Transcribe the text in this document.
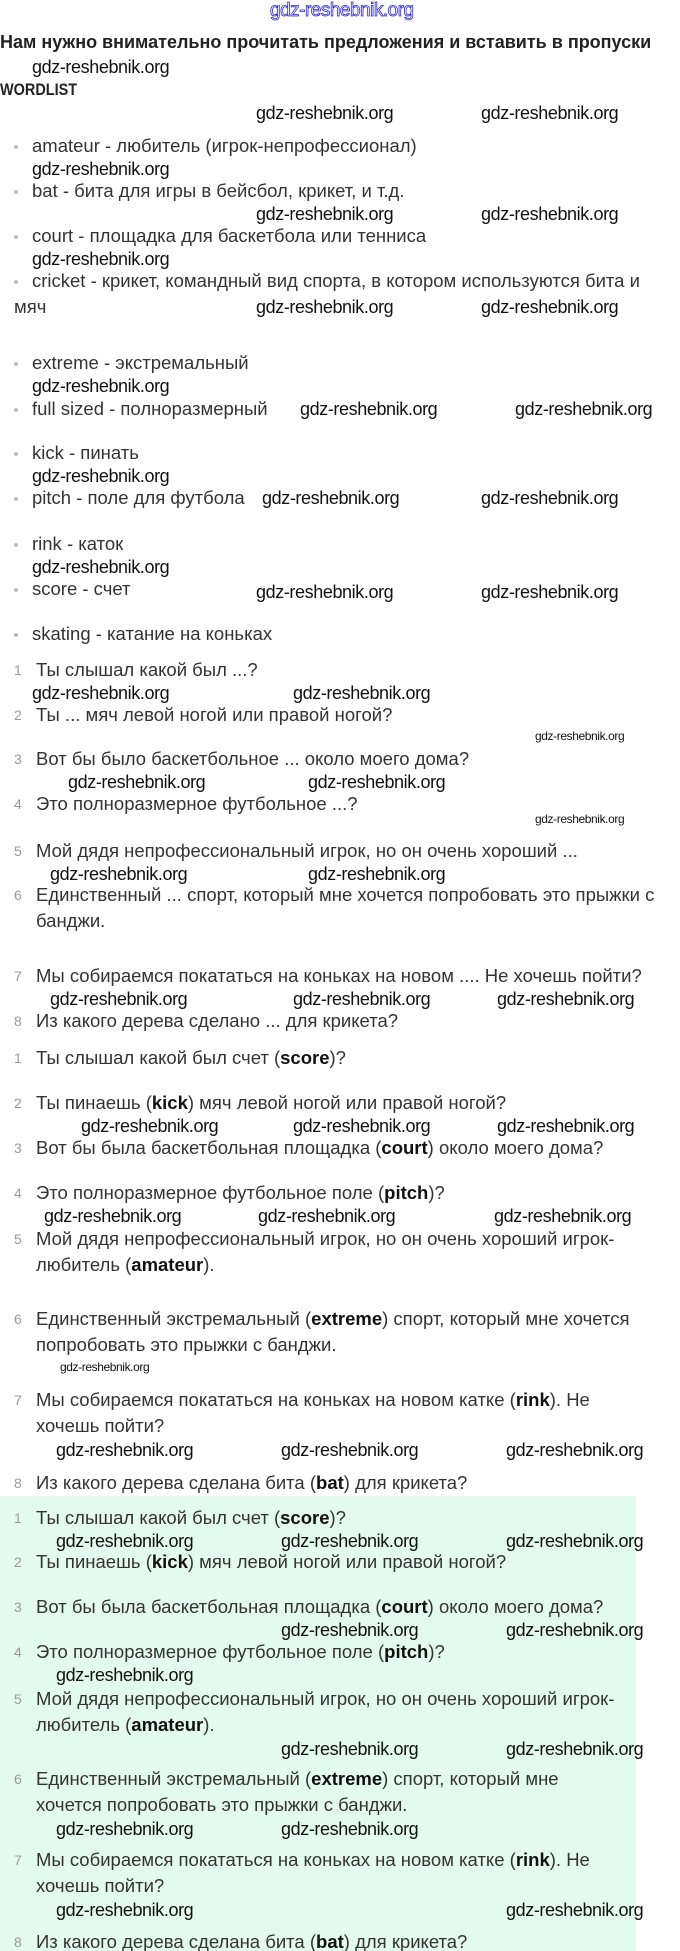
gdz-reshebnik.org
Нам нужно внимательно прочитать предложения и вставить в пропуски
WORDLIST
amateur - любитель (игрок-непрофессионал)
bat - бита для игры в бейсбол, крикет, и т.д.
court - площадка для баскетбола или тенниса
cricket - крикет, командный вид спорта, в котором используются бита и мяч
extreme - экстремальный
full sized - полноразмерный
kick - пинать
pitch - поле для футбола
rink - каток
score - счет
skating - катание на коньках
1 Ты слышал какой был ...?
2 Ты ... мяч левой ногой или правой ногой?
3 Вот бы было баскетбольное ... около моего дома?
4 Это полноразмерное футбольное ...?
5 Мой дядя непрофессиональный игрок, но он очень хороший ...
6 Единственный ... спорт, который мне хочется попробовать это прыжки с банджи.
7 Мы собираемся покататься на коньках на новом .... Не хочешь пойти?
8 Из какого дерева сделано ... для крикета?
1 Ты слышал какой был счет (score)?
2 Ты пинаешь (kick) мяч левой ногой или правой ногой?
3 Вот бы была баскетбольная площадка (court) около моего дома?
4 Это полноразмерное футбольное поле (pitch)?
5 Мой дядя непрофессиональный игрок, но он очень хороший игрок-любитель (amateur).
6 Единственный экстремальный (extreme) спорт, который мне хочется попробовать это прыжки с банджи.
7 Мы собираемся покататься на коньках на новом катке (rink). Не хочешь пойти?
8 Из какого дерева сделана бита (bat) для крикета?
1 Ты слышал какой был счет (score)?
2 Ты пинаешь (kick) мяч левой ногой или правой ногой?
3 Вот бы была баскетбольная площадка (court) около моего дома?
4 Это полноразмерное футбольное поле (pitch)?
5 Мой дядя непрофессиональный игрок, но он очень хороший игрок-любитель (amateur).
6 Единственный экстремальный (extreme) спорт, который мне хочется попробовать это прыжки с банджи.
7 Мы собираемся покататься на коньках на новом катке (rink). Не хочешь пойти?
8 Из какого дерева сделана бита (bat) для крикета?
gdz-reshebnik.org
gdz-reshebnik.org	gdz-reshebnik.org
gdz-reshebnik.org
gdz-reshebnik.org	gdz-reshebnik.org
gdz-reshebnik.org
gdz-reshebnik.org	gdz-reshebnik.org
gdz-reshebnik.org
gdz-reshebnik.org	gdz-reshebnik.org
gdz-reshebnik.org
gdz-reshebnik.org	gdz-reshebnik.org
gdz-reshebnik.org
gdz-reshebnik.org	gdz-reshebnik.org
gdz-reshebnik.org	gdz-reshebnik.org
gdz-reshebnik.org	gdz-reshebnik.org
gdz-reshebnik.org	gdz-reshebnik.org
gdz-reshebnik.org	gdz-reshebnik.org
gdz-reshebnik.org
gdz-reshebnik.org	gdz-reshebnik.org
gdz-reshebnik.org
gdz-reshebnik.org	gdz-reshebnik.org	gdz-reshebnik.org
gdz-reshebnik.org	gdz-reshebnik.org
gdz-reshebnik.org
gdz-reshebnik.org	gdz-reshebnik.org
gdz-reshebnik.org
gdz-reshebnik.org	gdz-reshebnik.org
gdz-reshebnik.org
gdz-reshebnik.org	gdz-reshebnik.org
gdz-reshebnik.org	gdz-reshebnik.org
gdz-reshebnik.org	gdz-reshebnik.org
gdz-reshebnik.org
gdz-reshebnik.org
gdz-reshebnik.org
